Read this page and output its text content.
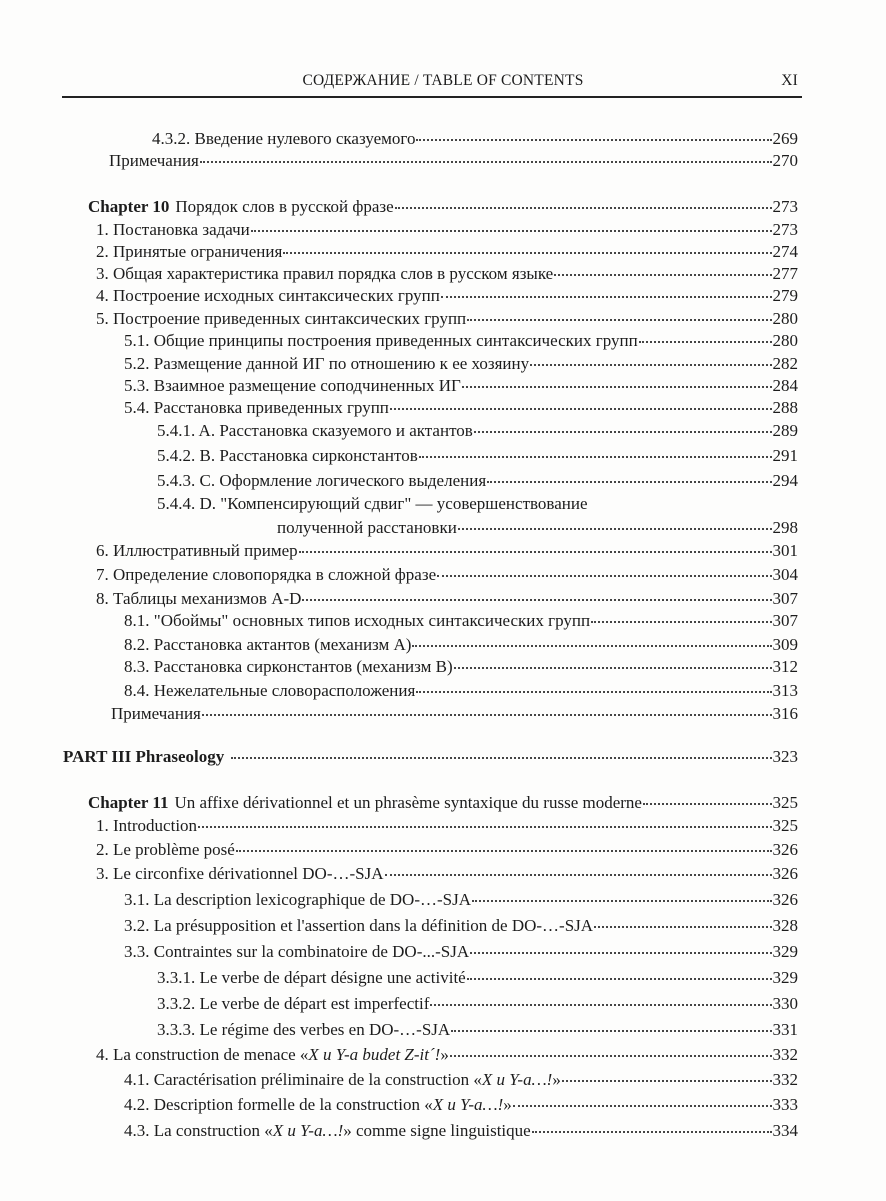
СОДЕРЖАНИЕ / TABLE OF CONTENTS	XI
4.3.2. Введение нулевого сказуемого	269
Примечания	270
Chapter 10 Порядок слов в русской фразе	273
1. Постановка задачи	273
2. Принятые ограничения	274
3. Общая характеристика правил порядка слов в русском языке	277
4. Построение исходных синтаксических групп	279
5. Построение приведенных синтаксических групп	280
5.1. Общие принципы построения приведенных синтаксических групп	280
5.2. Размещение данной ИГ по отношению к ее хозяину	282
5.3. Взаимное размещение соподчиненных ИГ	284
5.4. Расстановка приведенных групп	288
5.4.1. A. Расстановка сказуемого и актантов	289
5.4.2. B. Расстановка сирконстантов	291
5.4.3. C. Оформление логического выделения	294
5.4.4. D. "Компенсирующий сдвиг" — усовершенствование
полученной расстановки	298
6. Иллюстративный пример	301
7. Определение словопорядка в сложной фразе	304
8. Таблицы механизмов A-D	307
8.1. "Обоймы" основных типов исходных синтаксических групп	307
8.2. Расстановка актантов (механизм A)	309
8.3. Расстановка сирконстантов (механизм B)	312
8.4. Нежелательные словорасположения	313
Примечания	316
PART III Phraseology	323
Chapter 11 Un affixe dérivationnel et un phrasème syntaxique du russe moderne	325
1. Introduction	325
2. Le problème posé	326
3. Le circonfixe dérivationnel DO-…-SJA	326
3.1. La description lexicographique de DO-…-SJA	326
3.2. La présupposition et l'assertion dans la définition de DO-…-SJA	328
3.3. Contraintes sur la combinatoire de DO-...-SJA	329
3.3.1. Le verbe de départ désigne une activité	329
3.3.2. Le verbe de départ est imperfectif	330
3.3.3. Le régime des verbes en DO-…-SJA	331
4. La construction de menace « X u Y-a budet Z-it´! »	332
4.1. Caractérisation préliminaire de la construction « X u Y-a…! »	332
4.2. Description formelle de la construction « X u Y-a…! »	333
4.3. La construction « X u Y-a…! » comme signe linguistique	334
